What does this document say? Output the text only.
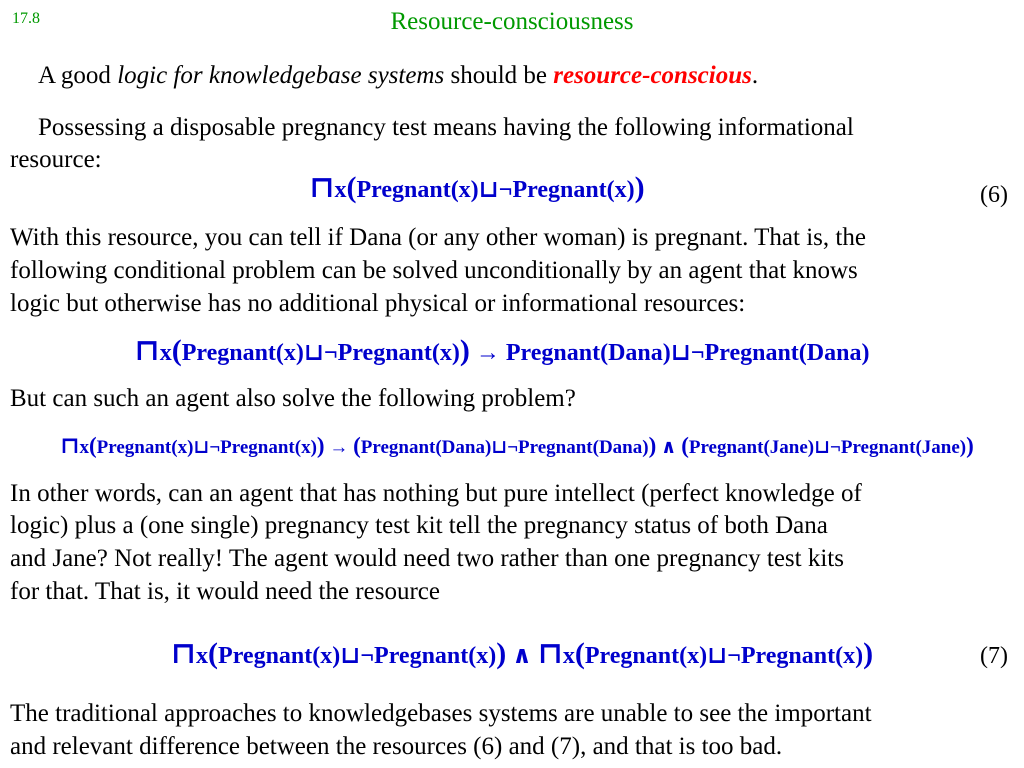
17.8	Resource-consciousness

A good logic for knowledgebase systems should be resource-conscious.

Possessing a disposable pregnancy test means having the following informational

resource:

⊓x(Pregnant(x)⊔¬Pregnant(x))	(6)

With this resource, you can tell if Dana (or any other woman) is pregnant. That is, the

following conditional problem can be solved unconditionally by an agent that knows

logic but otherwise has no additional physical or informational resources:

⊓x(Pregnant(x)⊔¬Pregnant(x)) → Pregnant(Dana)⊔¬Pregnant(Dana)

But can such an agent also solve the following problem?

⊓x(Pregnant(x)⊔¬Pregnant(x)) → (Pregnant(Dana)⊔¬Pregnant(Dana)) ∧ (Pregnant(Jane)⊔¬Pregnant(Jane))

In other words, can an agent that has nothing but pure intellect (perfect knowledge of

logic) plus a (one single) pregnancy test kit tell the pregnancy status of both Dana

and Jane? Not really! The agent would need two rather than one pregnancy test kits

for that. That is, it would need the resource

⊓x(Pregnant(x)⊔¬Pregnant(x)) ∧ ⊓x(Pregnant(x)⊔¬Pregnant(x))	(7)

The traditional approaches to knowledgebases systems are unable to see the important

and relevant difference between the resources (6) and (7), and that is too bad.
